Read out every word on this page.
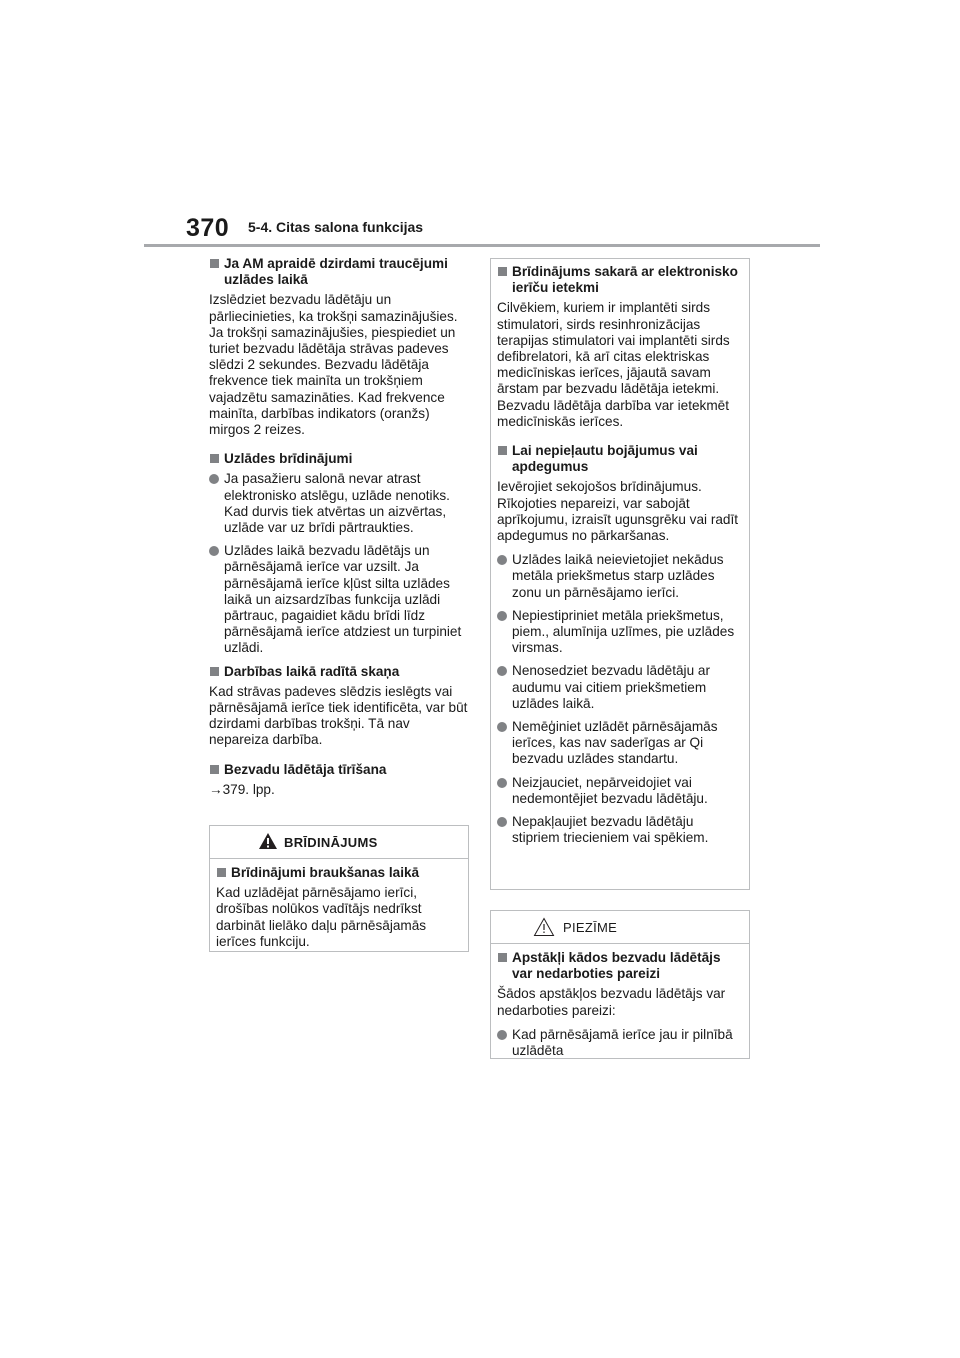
370 5-4. Citas salona funkcijas
Ja AM apraidē dzirdami traucējumi uzlādes laikā
Izslēdziet bezvadu lādētāju un pārliecinieties, ka trokšņi samazinājušies. Ja trokšņi samazinājušies, piespiediet un turiet bezvadu lādētāja strāvas padeves slēdzi 2 sekundes. Bezvadu lādētāja frekvence tiek mainīta un trokšņiem vajadzētu samazināties. Kad frekvence mainīta, darbības indikators (oranžs) mirgos 2 reizes.
Uzlādes brīdinājumi
Ja pasažieru salonā nevar atrast elektronisko atslēgu, uzlāde nenotiks. Kad durvis tiek atvērtas un aizvērtas, uzlāde var uz brīdi pārtraukties.
Uzlādes laikā bezvadu lādētājs un pārnēsājamā ierīce var uzsilt. Ja pārnēsājamā ierīce kļūst silta uzlādes laikā un aizsardzības funkcija uzlādi pārtrauc, pagaidiet kādu brīdi līdz pārnēsājamā ierīce atdziest un turpiniet uzlādi.
Darbības laikā radītā skaņa
Kad strāvas padeves slēdzis ieslēgts vai pārnēsājamā ierīce tiek identificēta, var būt dzirdami darbības trokšņi. Tā nav nepareiza darbība.
Bezvadu lādētāja tīrīšana
→379. lpp.
BRĪDINĀJUMS
Brīdinājumi braukšanas laikā
Kad uzlādējat pārnēsājamo ierīci, drošības nolūkos vadītājs nedrīkst darbināt lielāko daļu pārnēsājamās ierīces funkciju.
Brīdinājums sakarā ar elektronisko ierīču ietekmi
Cilvēkiem, kuriem ir implantēti sirds stimulatori, sirds resinhronizācijas terapijas stimulatori vai implantēti sirds defibrelatori, kā arī citas elektriskas medicīniskas ierīces, jājautā savam ārstam par bezvadu lādētāja ietekmi.
Bezvadu lādētāja darbība var ietekmēt medicīniskās ierīces.
Lai nepieļautu bojājumus vai apdegumus
Ievērojiet sekojošos brīdinājumus. Rīkojoties nepareizi, var sabojāt aprīkojumu, izraisīt ugunsgrēku vai radīt apdegumus no pārkaršanas.
Uzlādes laikā neievietojiet nekādus metāla priekšmetus starp uzlādes zonu un pārnēsājamo ierīci.
Nepiestipriniet metāla priekšmetus, piem., alumīnija uzlīmes, pie uzlādes virsmas.
Nenosedziet bezvadu lādētāju ar audumu vai citiem priekšmetiem uzlādes laikā.
Nemēģiniet uzlādēt pārnēsājamās ierīces, kas nav saderīgas ar Qi bezvadu uzlādes standartu.
Neizjauciet, nepārveidojiet vai nedemontējiet bezvadu lādētāju.
Nepakļaujiet bezvadu lādētāju stipriem triecieniem vai spēkiem.
PIEZĪME
Apstākļi kādos bezvadu lādētājs var nedarboties pareizi
Šādos apstākļos bezvadu lādētājs var nedarboties pareizi:
Kad pārnēsājamā ierīce jau ir pilnībā uzlādēta
